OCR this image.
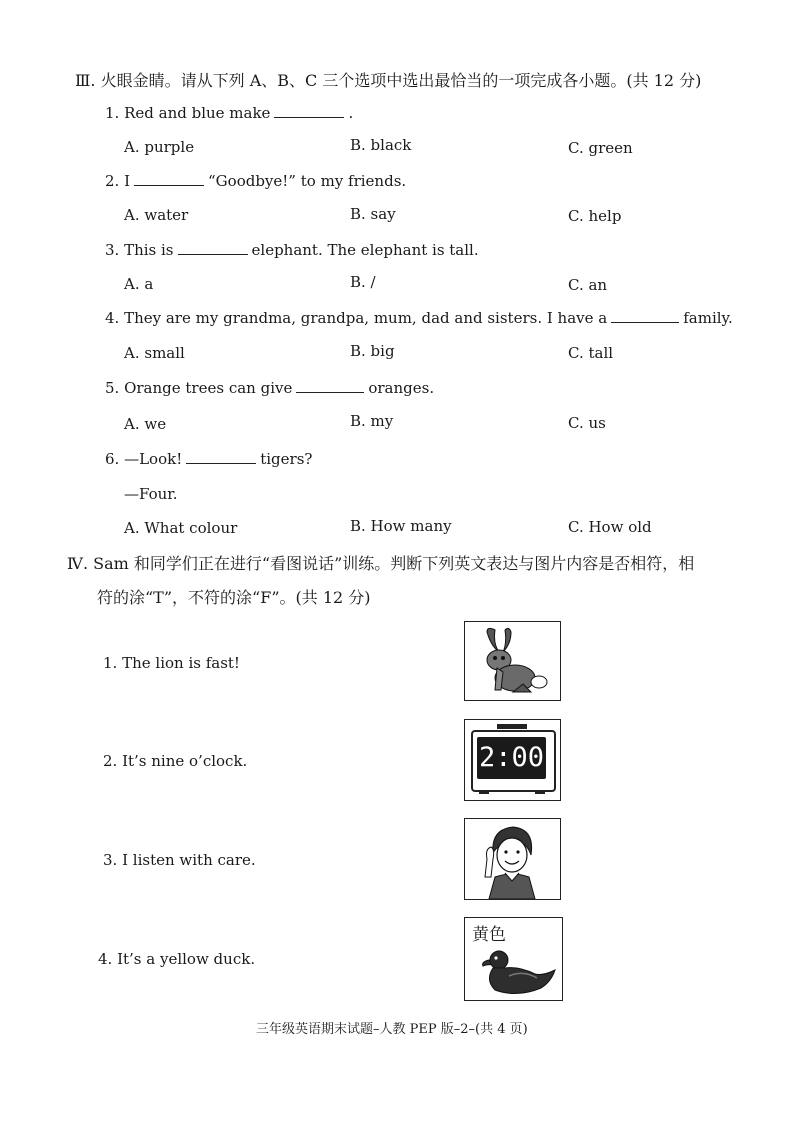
Ⅲ. 火眼金睛。请从下列 A、B、C 三个选项中选出最恰当的一项完成各小题。(共 12 分)
1. Red and blue make	.
A. purple	B. black	C. green
2. I	“Goodbye!” to my friends.
A. water	B. say	C. help
3. This is	elephant. The elephant is tall.
A. a	B. /	C. an
4. They are my grandma, grandpa, mum, dad and sisters. I have a	family.
A. small	B. big	C. tall
5. Orange trees can give	oranges.
A. we	B. my	C. us
6. —Look!	tigers?
—Four.
A. What colour	B. How many	C. How old
Ⅳ. Sam 和同学们正在进行“看图说话”训练。判断下列英文表达与图片内容是否相符，相
符的涂“T”，不符的涂“F”。(共 12 分)
1. The lion is fast!
2. It’s nine o’clock.	2:00
3. I listen with care.
4. It’s a yellow duck.
黄色
三年级英语期末试题–人教 PEP 版–2–(共 4 页)
